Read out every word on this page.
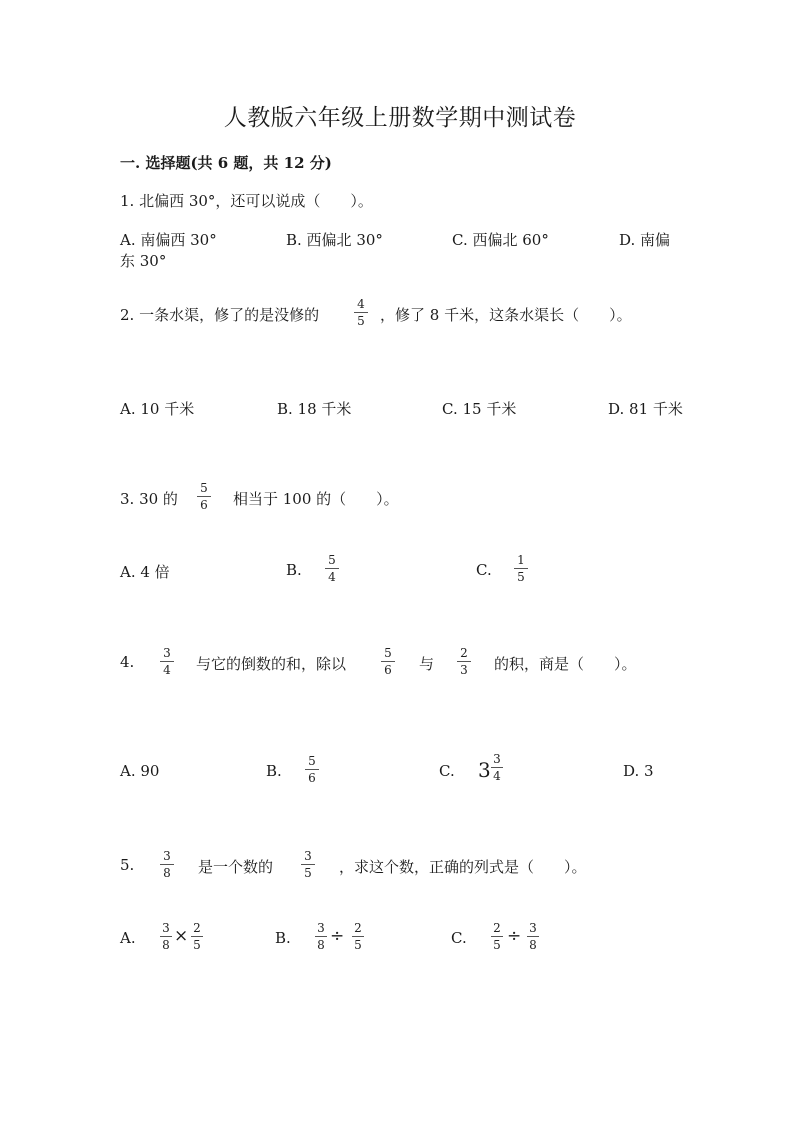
人教版六年级上册数学期中测试卷
一. 选择题(共 6 题，共 12 分)
1. 北偏西 30°，还可以说成（　　）。
A. 南偏西 30°	B. 西偏北 30°	C. 西偏北 60°	D. 南偏
东 30°
2. 一条水渠，修了的是没修的
4
5 ，修了 8 千米，这条水渠长（　　）。
A. 10 千米	B. 18 千米	C. 15 千米	D. 81 千米
3. 30 的
5
6 相当于 100 的（　　）。
A. 4 倍	B.
5
4	C.
1
5
4. 3
4 与它的倒数的和，除以
5
6 与
2
3 的积，商是（　　）。
A. 90	B.
5
6	C. 3 3
4	D. 3
5. 3
8 是一个数的
3
5 ，求这个数，正确的列式是（　　）。
A.
3
8 × 2
5	B.
3
8 ÷ 2
5	C.
2
5 ÷ 3
8
